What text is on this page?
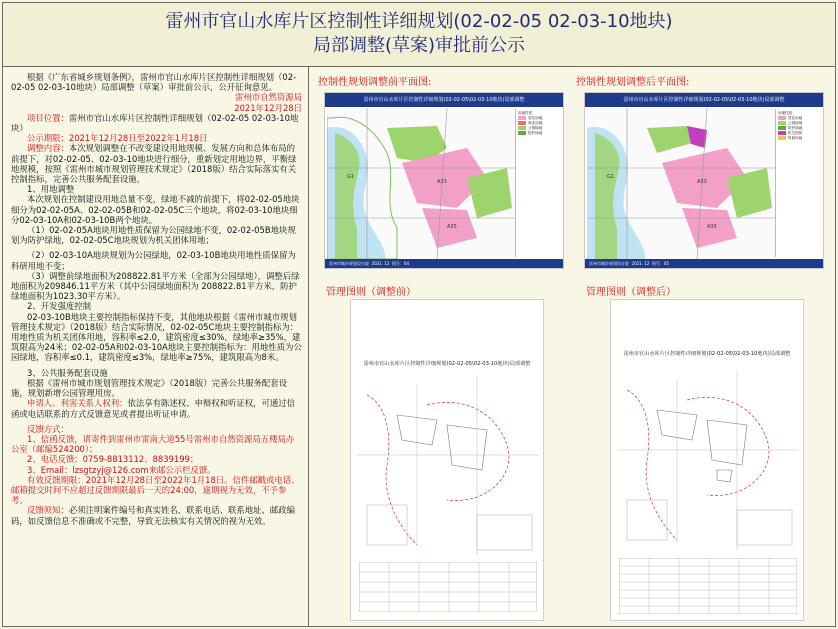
雷州市官山水库片区控制性详细规划(02-02-05 02-03-10地块)
局部调整(草案)审批前公示

根据《广东省城乡规划条例》，雷州市官山水库片区控制性详细规划（02-02-05 02-03-10地块）局部调整（草案）审批前公示，公开征询意见。

雷州市自然资源局

2021年12月28日

项目位置：雷州市官山水库片区控制性详细规划（02-02-05 02-03-10地块）

公示期限：2021年12月28日至2022年1月18日

调整内容：本次规划调整在不改变建设用地规模、发展方向和总体布局的前提下，对02-02-05、02-03-10地块进行细分，重新划定用地边界，平衡绿地规模，按照《雷州市城市规划管理技术规定》（2018版）结合实际落实有关控制指标，完善公共服务配套设施。

1、用地调整

本次规划在控制建设用地总量不变，绿地不减的前提下，将02-02-05地块细分为02-02-05A、02-02-05B和02-02-05C三个地块，将02-03-10地块细分02-03-10A和02-03-10B两个地块。

（1）02-02-05A地块用地性质保留为公园绿地不变，02-02-05B地块规划为防护绿地，02-02-05C地块规划为机关团体用地；

（2）02-03-10A地块规划为公园绿地，02-03-10B地块用地性质保留为科研用地不变；

（3）调整前绿地面积为208822.81平方米（全部为公园绿地），调整后绿地面积为209846.11平方米（其中公园绿地面积为 208822.81平方米，防护绿地面积为1023.30平方米）。

2、开发强度控制

02-03-10B地块主要控制指标保持不变，其他地块根据《雷州市城市规划管理技术规定》（2018版）结合实际情况，02-02-05C地块主要控制指标为：用地性质为机关团体用地，容积率≤2.0，建筑密度≤30%，绿地率≥35%，建筑限高为24米；02-02-05A和02-03-10A地块主要控制指标为：用地性质为公园绿地，容积率≤0.1，建筑密度≤3%，绿地率≥75%，建筑限高为8米。

3、公共服务配套设施

根据《雷州市城市规划管理技术规定》（2018版）完善公共服务配套设施，规划新增公园管理用房。

申请人、利害关系人权利：依法享有陈述权、申辩权和听证权，可通过信函或电话联系的方式反馈意见或者提出听证申请。

反馈方式：

1、信函反馈，请寄件到雷州市雷南大道55号雷州市自然资源局五楼局办公室（邮编524200）；

2、电话反馈：0759-8813112、8839199；

3、Email：lzsgtzyj@126.com来邮公示栏反馈。

有效反馈期限：2021年12月28日至2022年1月18日。信件邮戳或电话、邮箱提交时间不应超过反馈期限最后一天的24:00，逾期视为无效，不予参考。

反馈须知：必须注明案件编号和真实姓名，联系电话、联系地址、邮政编码，如反馈信息不准确或不完整，导致无法核实有关情况的视为无效。

控制性规划调整前平面图:
雷州市官山水库片区控制性详细规划(02-02-05\02-03-10地块)局部调整
G1
A33
A35
用地性质
居住用地
商业用地
公园绿地
防护绿地
雷州市城乡规划设计院 2021. 12 图号：04
控制性规划调整后平面图:
雷州市官山水库片区控制性详细规划(02-02-05\02-03-10地块)局部调整
G1
A33
A35
用地性质
居住用地
公园绿地
防护绿地
机关团体
科研用地
雷州市城乡规划设计院 2021. 12 图号：05
管理图则（调整前）
雷州市官山水库片区控制性详细规划(02-02-05\02-03-10地块)局部调整
管理图则（调整后）
雷州市官山水库片区控制性详细规划(02-02-05\02-03-10地块)局部调整
